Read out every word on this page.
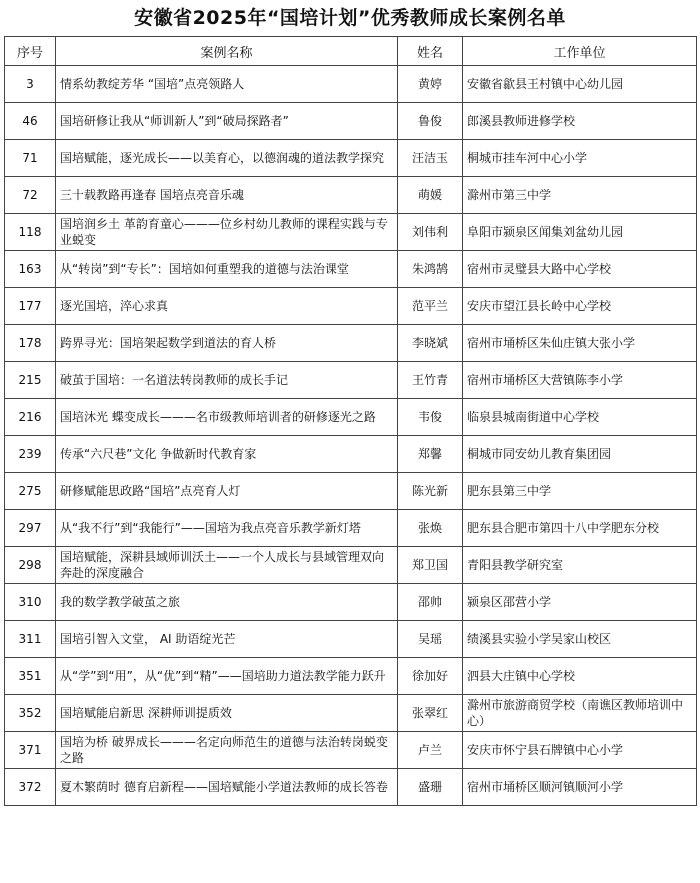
安徽省2025年“国培计划”优秀教师成长案例名单
序号	案例名称	姓名	工作单位
3	情系幼教绽芳华 “国培”点亮领路人	黄婷	安徽省歙县王村镇中心幼儿园

46	国培研修让我从“师训新人”到“破局探路者”	鲁俊	郎溪县教师进修学校

71	国培赋能，逐光成长——以美育心，以德润魂的道法教学探究	汪洁玉	桐城市挂车河中心小学

72	三十载教路再逢春 国培点亮音乐魂	萌媛	滁州市第三中学

118	国培润乡土 革韵育童心———位乡村幼儿教师的课程实践与专业蜕变	刘伟利	阜阳市颍泉区闻集刘盆幼儿园

163	从“转岗”到“专长”：国培如何重塑我的道德与法治课堂	朱鸿鹄	宿州市灵璧县大路中心学校

177	逐光国培，淬心求真	范平兰	安庆市望江县长岭中心学校

178	跨界寻光：国培架起数学到道法的育人桥	李晓斌	宿州市埇桥区朱仙庄镇大张小学

215	破茧于国培：一名道法转岗教师的成长手记	王竹青	宿州市埇桥区大营镇陈李小学

216	国培沐光 蝶变成长———名市级教师培训者的研修逐光之路	韦俊	临泉县城南街道中心学校

239	传承“六尺巷”文化 争做新时代教育家	郑馨	桐城市同安幼儿教育集团园

275	研修赋能思政路“国培”点亮育人灯	陈光新	肥东县第三中学

297	从“我不行”到“我能行”——国培为我点亮音乐教学新灯塔	张焕	肥东县合肥市第四十八中学肥东分校

298	国培赋能，深耕县域师训沃土——一个人成长与县域管理双向奔赴的深度融合	郑卫国	青阳县教学研究室

310	我的数学教学破茧之旅	邵帅	颍泉区邵营小学

311	国培引智入文堂， AI 助语绽光芒	吴瑶	绩溪县实验小学吴家山校区

351	从“学”到“用”，从“优”到“精”——国培助力道法教学能力跃升	徐加好	泗县大庄镇中心学校

352	国培赋能启新思 深耕师训提质效	张翠红	滁州市旅游商贸学校（南谯区教师培训中心）

371	国培为桥 破界成长———名定向师范生的道德与法治转岗蜕变之路	卢兰	安庆市怀宁县石牌镇中心小学

372	夏木繁荫时 德育启新程——国培赋能小学道法教师的成长答卷	盛珊	宿州市埇桥区顺河镇顺河小学
